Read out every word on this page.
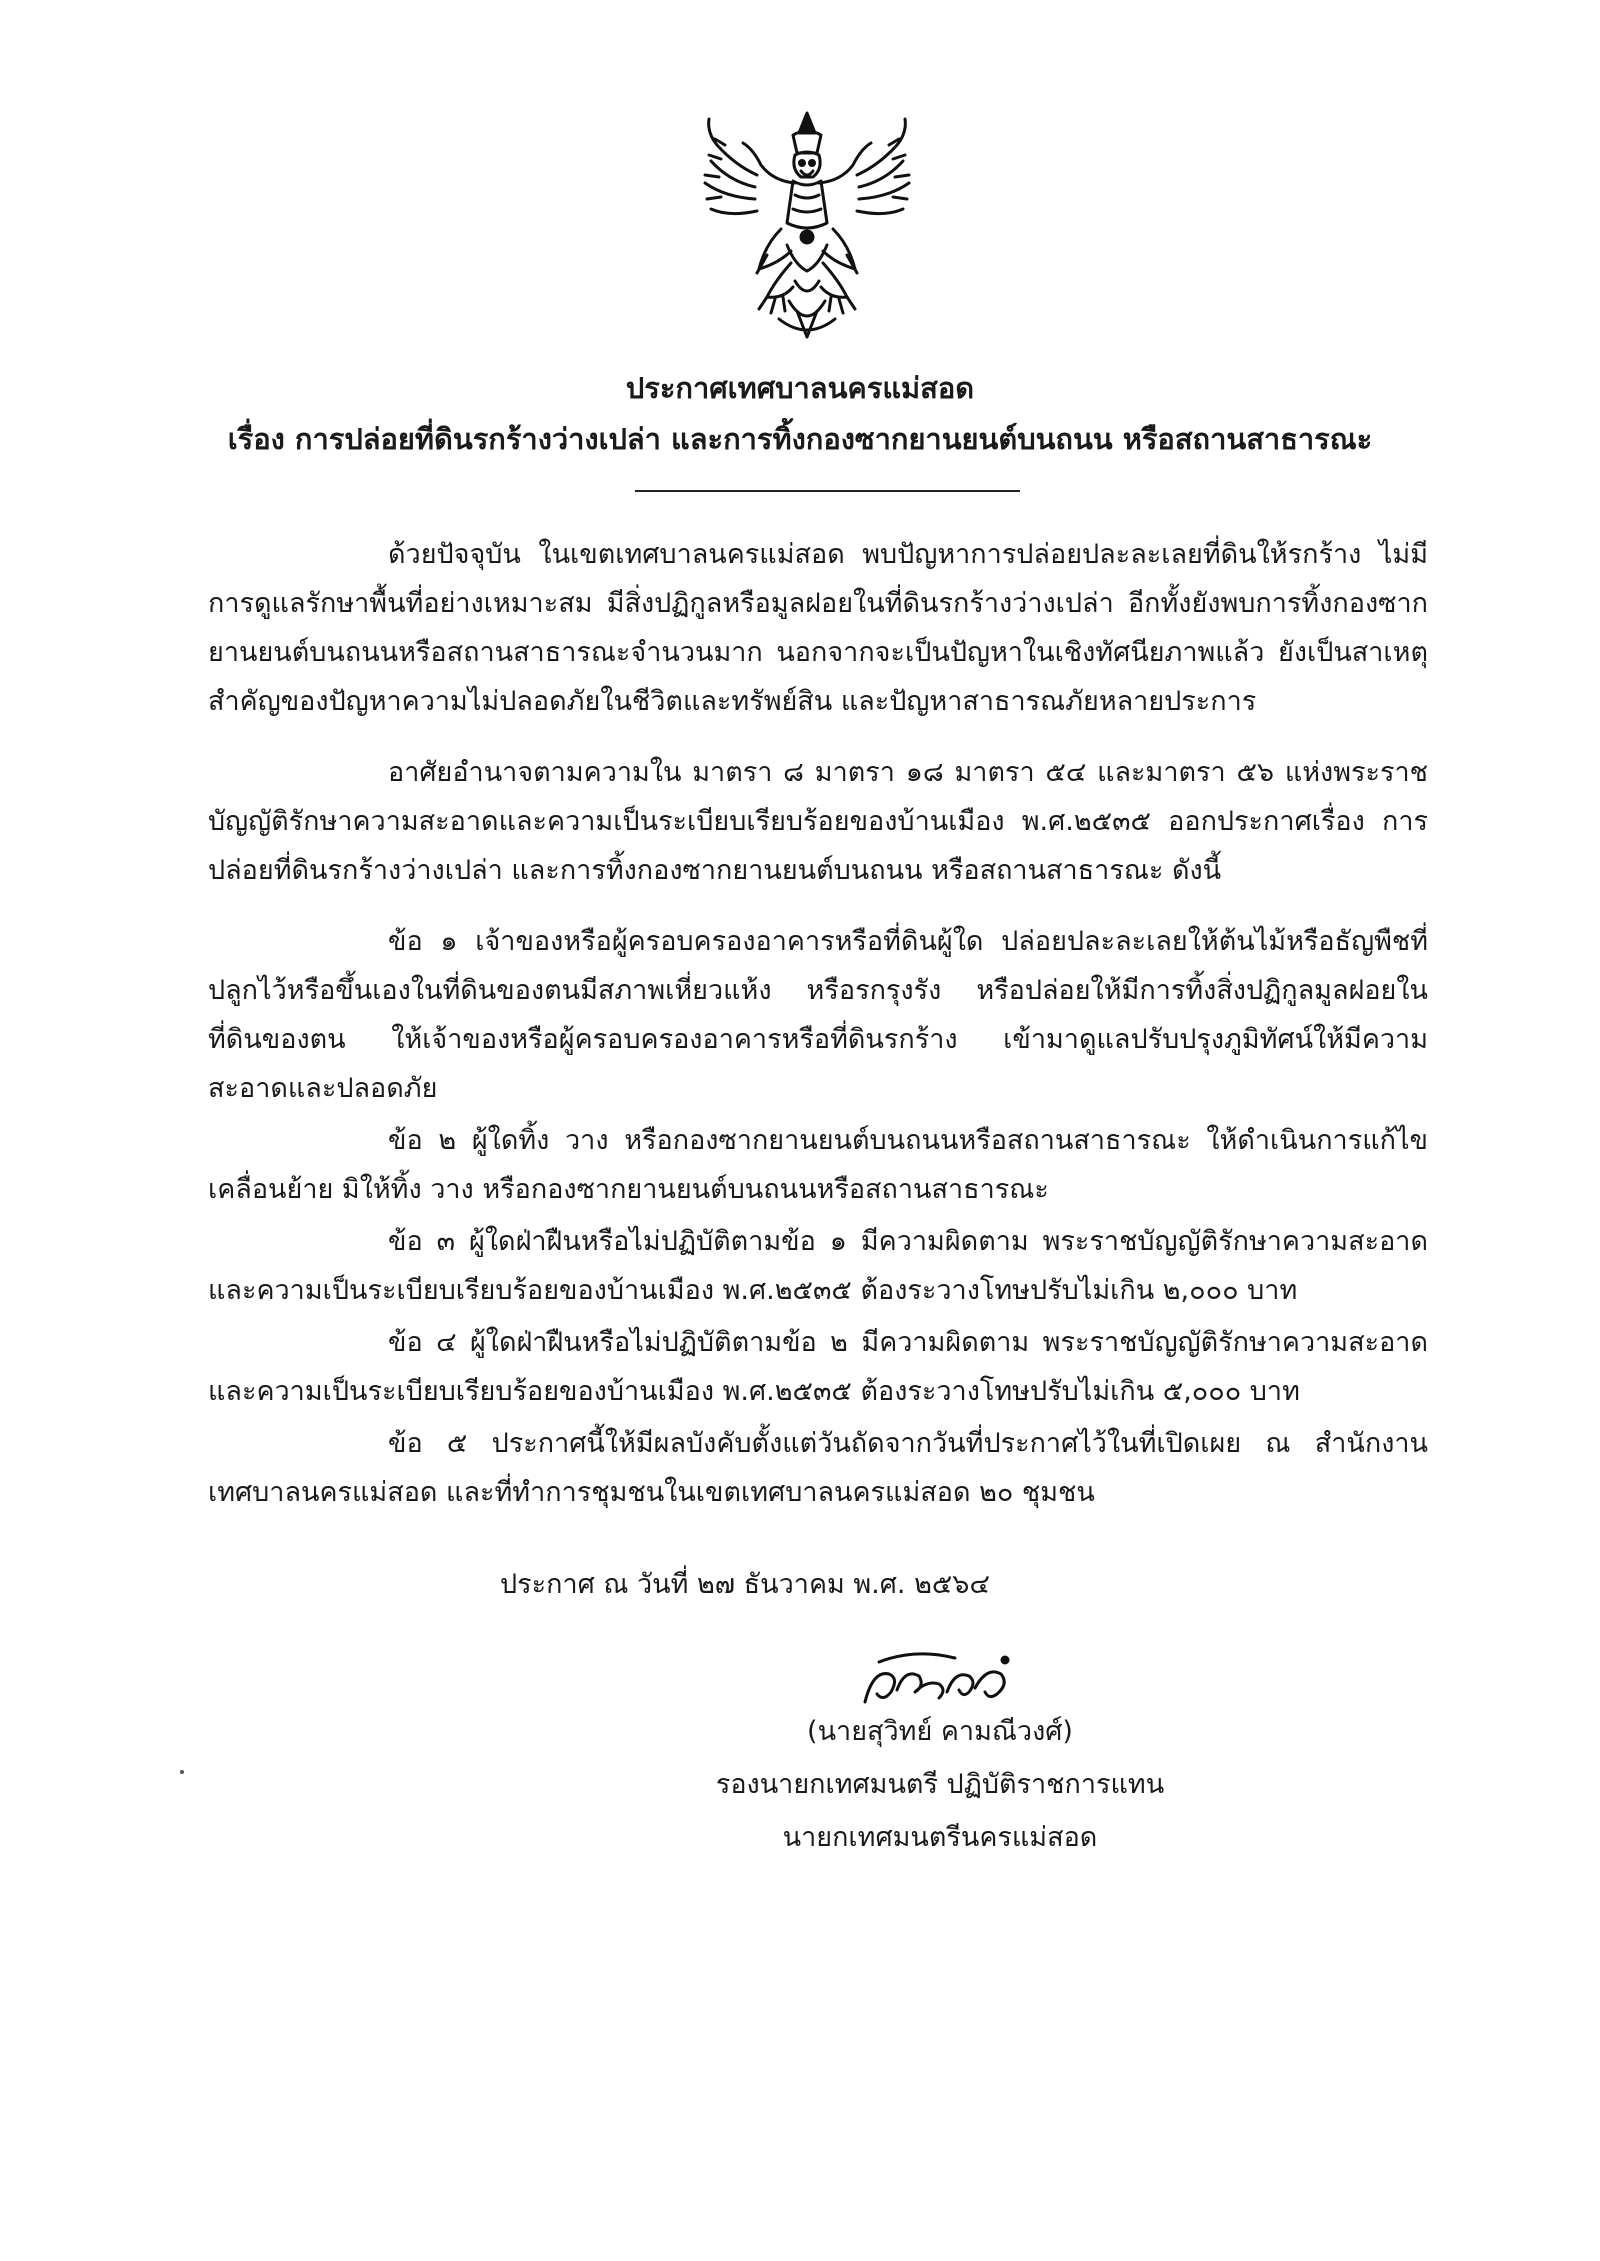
ประกาศเทศบาลนครแม่สอด
เรื่อง การปล่อยที่ดินรกร้างว่างเปล่า และการทิ้งกองซากยานยนต์บนถนน หรือสถานสาธารณะ

ด้วยปัจจุบัน ในเขตเทศบาลนครแม่สอด พบปัญหาการปล่อยปละละเลยที่ดินให้รกร้าง ไม่มีการดูแลรักษาพื้นที่อย่างเหมาะสม มีสิ่งปฏิกูลหรือมูลฝอยในที่ดินรกร้างว่างเปล่า อีกทั้งยังพบการทิ้งกองซากยานยนต์บนถนนหรือสถานสาธารณะจำนวนมาก นอกจากจะเป็นปัญหาในเชิงทัศนียภาพแล้ว ยังเป็นสาเหตุสำคัญของปัญหาความไม่ปลอดภัยในชีวิตและทรัพย์สิน และปัญหาสาธารณภัยหลายประการ

อาศัยอำนาจตามความใน มาตรา ๘ มาตรา ๑๘ มาตรา ๕๔ และมาตรา ๕๖ แห่งพระราชบัญญัติรักษาความสะอาดและความเป็นระเบียบเรียบร้อยของบ้านเมือง พ.ศ.๒๕๓๕ ออกประกาศเรื่อง การปล่อยที่ดินรกร้างว่างเปล่า และการทิ้งกองซากยานยนต์บนถนน หรือสถานสาธารณะ ดังนี้

ข้อ ๑ เจ้าของหรือผู้ครอบครองอาคารหรือที่ดินผู้ใด ปล่อยปละละเลยให้ต้นไม้หรือธัญพืชที่ปลูกไว้หรือขึ้นเองในที่ดินของตนมีสภาพเหี่ยวแห้ง หรือรกรุงรัง หรือปล่อยให้มีการทิ้งสิ่งปฏิกูลมูลฝอยในที่ดินของตน ให้เจ้าของหรือผู้ครอบครองอาคารหรือที่ดินรกร้าง เข้ามาดูแลปรับปรุงภูมิทัศน์ให้มีความสะอาดและปลอดภัย

ข้อ ๒ ผู้ใดทิ้ง วาง หรือกองซากยานยนต์บนถนนหรือสถานสาธารณะ ให้ดำเนินการแก้ไขเคลื่อนย้าย มิให้ทิ้ง วาง หรือกองซากยานยนต์บนถนนหรือสถานสาธารณะ

ข้อ ๓ ผู้ใดฝ่าฝืนหรือไม่ปฏิบัติตามข้อ ๑ มีความผิดตาม พระราชบัญญัติรักษาความสะอาดและความเป็นระเบียบเรียบร้อยของบ้านเมือง พ.ศ.๒๕๓๕ ต้องระวางโทษปรับไม่เกิน ๒,๐๐๐ บาท

ข้อ ๔ ผู้ใดฝ่าฝืนหรือไม่ปฏิบัติตามข้อ ๒ มีความผิดตาม พระราชบัญญัติรักษาความสะอาดและความเป็นระเบียบเรียบร้อยของบ้านเมือง พ.ศ.๒๕๓๕ ต้องระวางโทษปรับไม่เกิน ๕,๐๐๐ บาท

ข้อ ๕ ประกาศนี้ให้มีผลบังคับตั้งแต่วันถัดจากวันที่ประกาศไว้ในที่เปิดเผย ณ สำนักงานเทศบาลนครแม่สอด และที่ทำการชุมชนในเขตเทศบาลนครแม่สอด ๒๐ ชุมชน

ประกาศ ณ วันที่ ๒๗ ธันวาคม พ.ศ. ๒๕๖๔
(นายสุวิทย์ คามณีวงศ์)
รองนายกเทศมนตรี ปฏิบัติราชการแทน
นายกเทศมนตรีนครแม่สอด
